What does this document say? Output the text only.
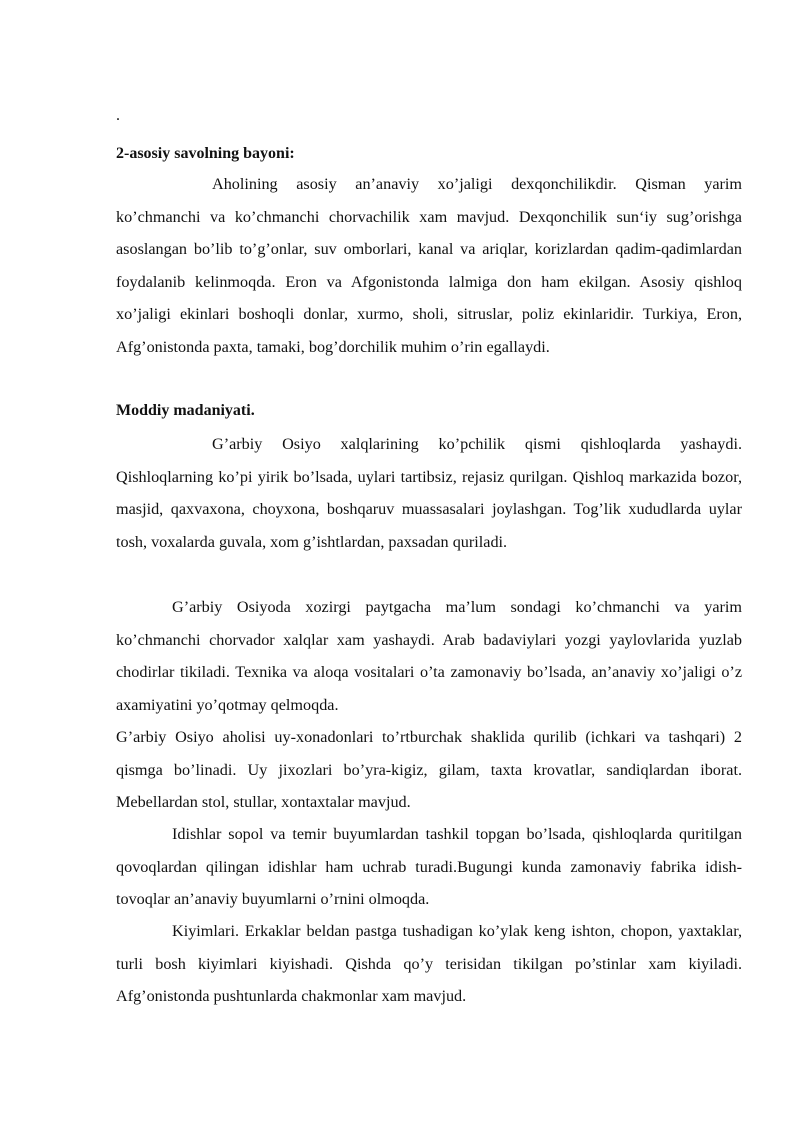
.
2-asosiy savolning bayoni:

Aholining asosiy an’anaviy xo’jaligi dexqonchilikdir. Qisman yarim ko’chmanchi va ko’chmanchi chorvachilik xam mavjud. Dexqonchilik sun‘iy sug’orishga asoslangan bo’lib to’g’onlar, suv omborlari, kanal va ariqlar, korizlardan qadim-qadimlardan foydalanib kelinmoqda. Eron va Afgonistonda lalmiga don ham ekilgan. Asosiy qishloq xo’jaligi ekinlari boshoqli donlar, xurmo, sholi, sitruslar, poliz ekinlaridir. Turkiya, Eron, Afg’onistonda paxta, tamaki, bog’dorchilik muhim o’rin egallaydi.

Moddiy madaniyati.

G’arbiy Osiyo xalqlarining ko’pchilik qismi qishloqlarda yashaydi. Qishloqlarning ko’pi yirik bo’lsada, uylari tartibsiz, rejasiz qurilgan. Qishloq markazida bozor, masjid, qaxvaxona, choyxona, boshqaruv muassasalari joylashgan. Tog’lik xududlarda uylar tosh, voxalarda guvala, xom g’ishtlardan, paxsadan quriladi.

G’arbiy Osiyoda xozirgi paytgacha ma’lum sondagi ko’chmanchi va yarim ko’chmanchi chorvador xalqlar xam yashaydi. Arab badaviylari yozgi yaylovlarida yuzlab chodirlar tikiladi. Texnika va aloqa vositalari o’ta zamonaviy bo’lsada, an’anaviy xo’jaligi o’z axamiyatini yo’qotmay qelmoqda.

G’arbiy Osiyo aholisi uy-xonadonlari to’rtburchak shaklida qurilib (ichkari va tashqari) 2 qismga bo’linadi. Uy jixozlari bo’yra-kigiz, gilam, taxta krovatlar, sandiqlardan iborat. Mebellardan stol, stullar, xontaxtalar mavjud.

Idishlar sopol va temir buyumlardan tashkil topgan bo’lsada, qishloqlarda quritilgan qovoqlardan qilingan idishlar ham uchrab turadi.Bugungi kunda zamonaviy fabrika idish-tovoqlar an’anaviy buyumlarni o’rnini olmoqda.

Kiyimlari. Erkaklar beldan pastga tushadigan ko’ylak keng ishton, chopon, yaxtaklar, turli bosh kiyimlari kiyishadi. Qishda qo’y terisidan tikilgan po’stinlar xam kiyiladi. Afg’onistonda pushtunlarda chakmonlar xam mavjud.
